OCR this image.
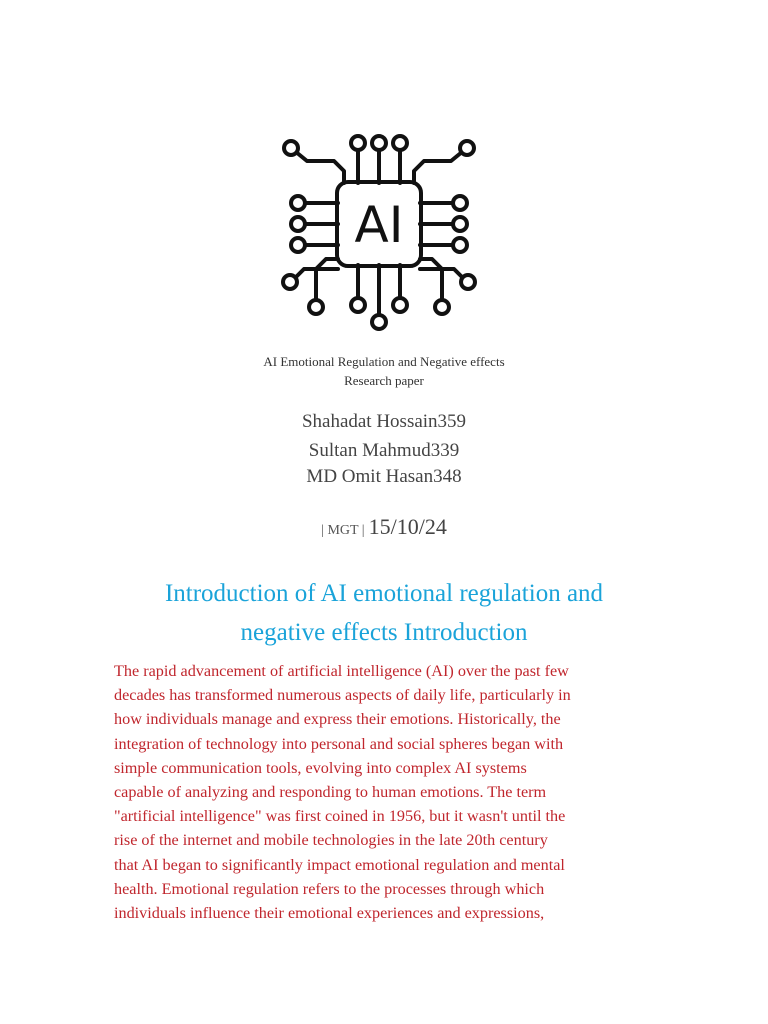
AI
AI Emotional Regulation and Negative effects
Research paper
Shahadat Hossain359
Sultan Mahmud339
MD Omit Hasan348
| MGT | 15/10/24
Introduction of AI emotional regulation and
negative effects Introduction
The rapid advancement of artificial intelligence (AI) over the past few
decades has transformed numerous aspects of daily life, particularly in
how individuals manage and express their emotions. Historically, the
integration of technology into personal and social spheres began with
simple communication tools, evolving into complex AI systems
capable of analyzing and responding to human emotions. The term
"artificial intelligence" was first coined in 1956, but it wasn't until the
rise of the internet and mobile technologies in the late 20th century
that AI began to significantly impact emotional regulation and mental
health. Emotional regulation refers to the processes through which
individuals influence their emotional experiences and expressions,
